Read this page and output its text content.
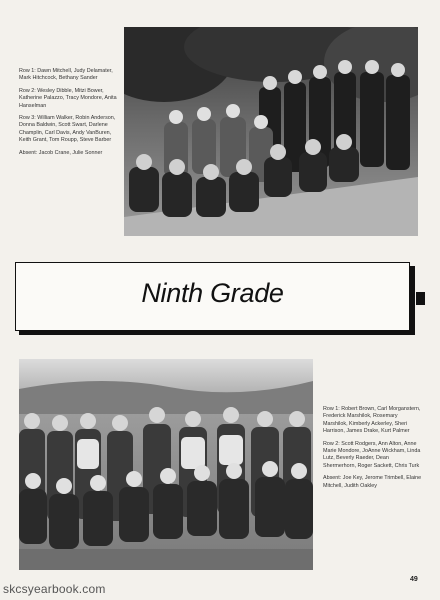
Row 1: Dawn Mitchell, Judy Delamater, Mark Hitchcock, Bethany Sander

Row 2: Wesley Dibble, Mitzi Bower, Katherine Palazzo, Tracy Mondore, Anita Hanselman

Row 3: William Walker, Robin Anderson, Donna Baldwin, Scott Swart, Darlene Champlin, Carl Davis, Andy VanBuren, Keith Grant, Tom Roupp, Steve Barber

Absent: Jacob Crane, Julie Sonner

Ninth Grade

Row 1: Robert Brown, Carl Morganstern, Frederick Marshilok, Rosemary Marshilok, Kimberly Ackerley, Sheri Harrison, James Drake, Kurt Palmer

Row 2: Scott Rodgers, Ann Alton, Anne Marie Mondore, JoAnne Wickham, Linda Lutz, Beverly Raeder, Dean Shermerhorn, Roger Sackett, Chris Turk

Absent: Joe Key, Jerome Trimbell, Elaine Mitchell, Judith Oakley

skcsyearbook.com
49
